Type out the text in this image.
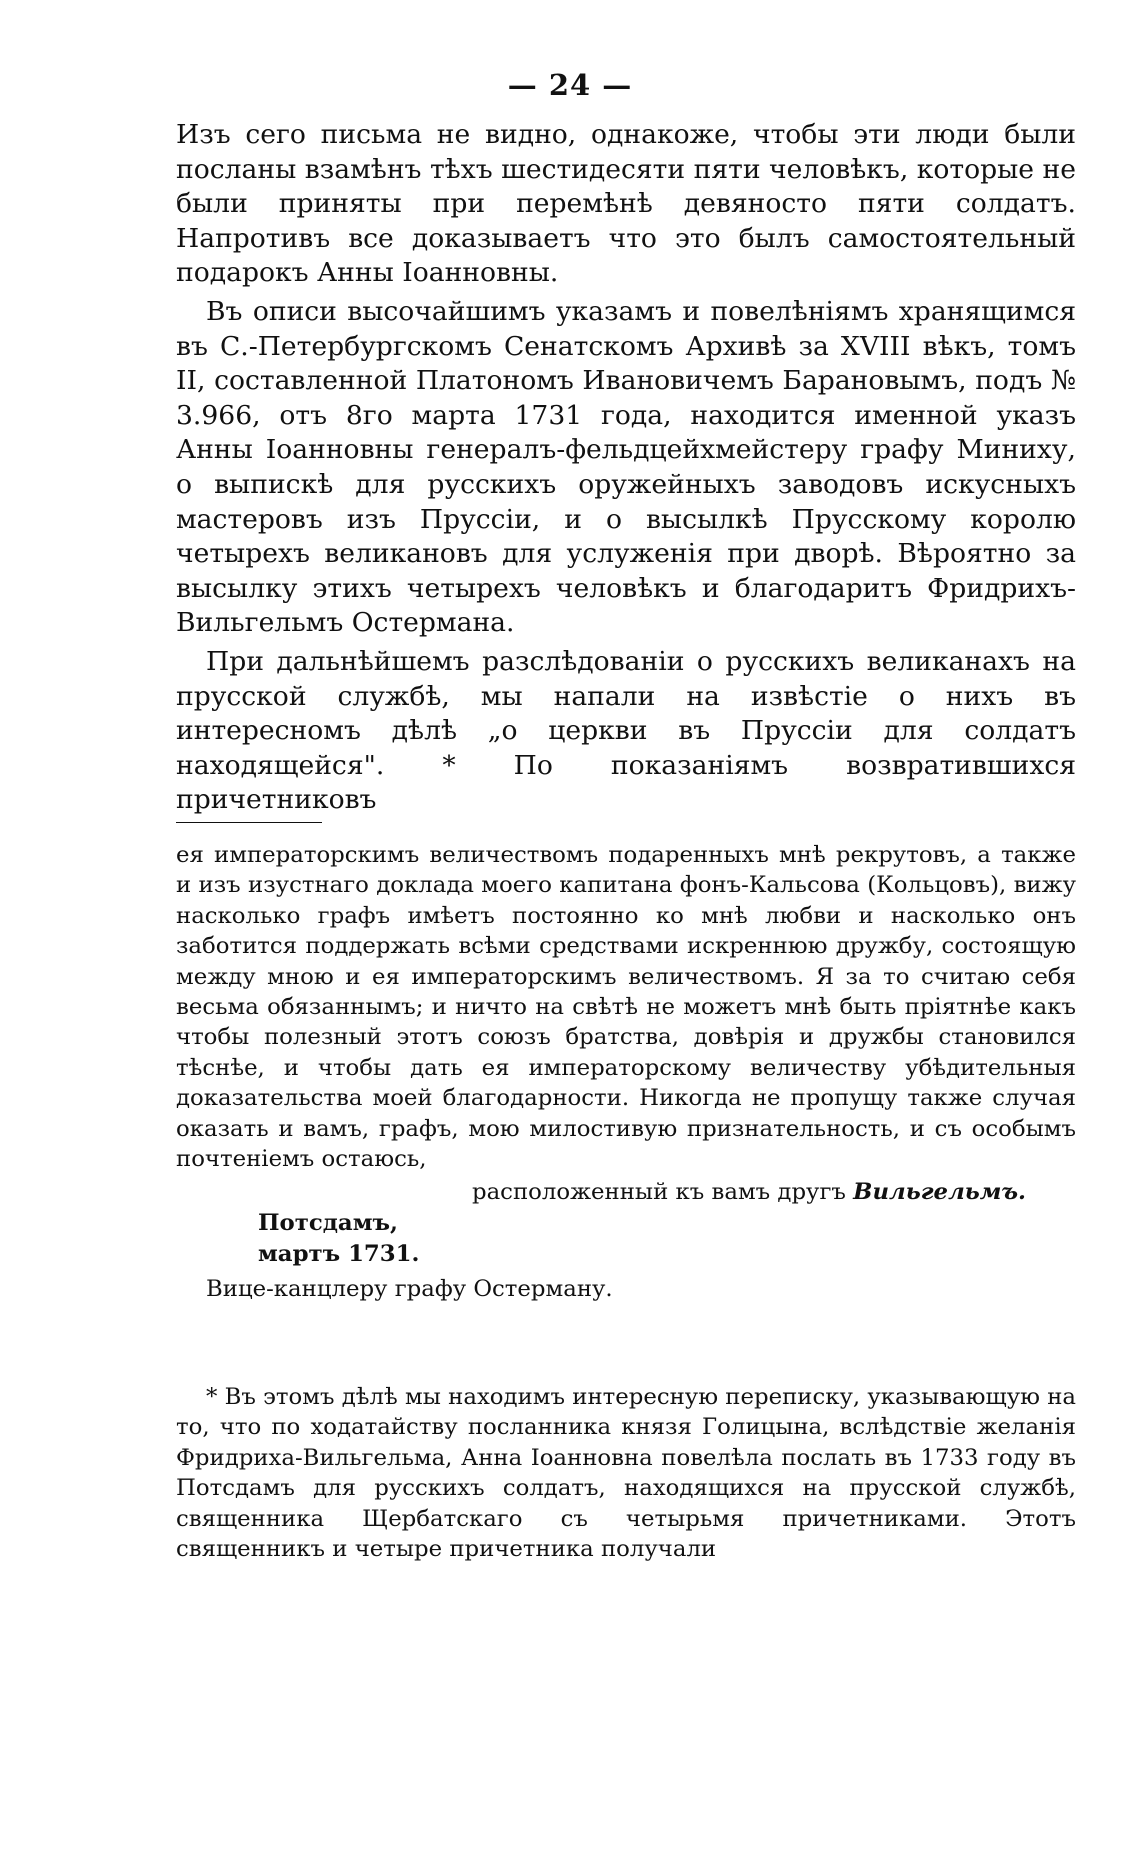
— 24 —

Изъ сего письма не видно, однакоже, чтобы эти люди были посланы взамѣнъ тѣхъ шестидесяти пяти человѣкъ, которые не были приняты при перемѣнѣ девяносто пяти солдатъ. Напротивъ все доказываетъ что это былъ самостоятельный подарокъ Анны Іоанновны.

Въ описи высочайшимъ указамъ и повелѣніямъ хранящимся въ С.-Петербургскомъ Сенатскомъ Архивѣ за XVIII вѣкъ, томъ II, составленной Платономъ Ивановичемъ Барановымъ, подъ № 3.966, отъ 8го марта 1731 года, находится именной указъ Анны Іоанновны генералъ-фельдцейхмейстеру графу Миниху, о выпискѣ для русскихъ оружейныхъ заводовъ искусныхъ мастеровъ изъ Пруссіи, и о высылкѣ Прусскому королю четырехъ великановъ для услуженія при дворѣ. Вѣроятно за высылку этихъ четырехъ человѣкъ и благодаритъ Фридрихъ-Вильгельмъ Остермана.

При дальнѣйшемъ разслѣдованіи о русскихъ великанахъ на прусской службѣ, мы напали на извѣстіе о нихъ въ интересномъ дѣлѣ „о церкви въ Пруссіи для солдатъ находящейся". * По показаніямъ возвратившихся причетниковъ

ея императорскимъ величествомъ подаренныхъ мнѣ рекрутовъ, а также и изъ изустнаго доклада моего капитана фонъ-Кальсова (Кольцовъ), вижу насколько графъ имѣетъ постоянно ко мнѣ любви и насколько онъ заботится поддержать всѣми средствами искреннюю дружбу, состоящую между мною и ея императорскимъ величествомъ. Я за то считаю себя весьма обязаннымъ; и ничто на свѣтѣ не можетъ мнѣ быть пріятнѣе какъ чтобы полезный этотъ союзъ братства, довѣрія и дружбы становился тѣснѣе, и чтобы дать ея императорскому величеству убѣдительныя доказательства моей благодарности. Никогда не пропущу также случая оказать и вамъ, графъ, мою милостивую признательность, и съ особымъ почтеніемъ остаюсь,

расположенный къ вамъ другъ Вильгельмъ.

Потсдамъ,

мартъ 1731.

Вице-канцлеру графу Остерману.

* Въ этомъ дѣлѣ мы находимъ интересную переписку, указывающую на то, что по ходатайству посланника князя Голицына, вслѣдствіе желанія Фридриха-Вильгельма, Анна Іоанновна повелѣла послать въ 1733 году въ Потсдамъ для русскихъ солдатъ, находящихся на прусской службѣ, священника Щербатскаго съ четырьмя причетниками. Этотъ священникъ и четыре причетника получали
